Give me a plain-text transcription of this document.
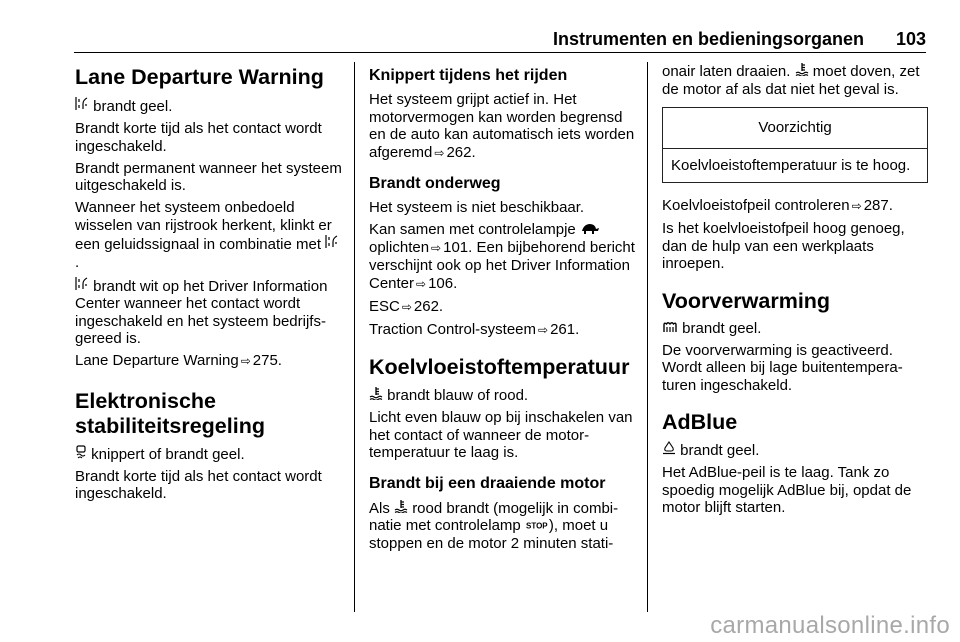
Instrumenten en bedieningsorganen 103
Lane Departure Warning

brandt geel.

Brandt korte tijd als het contact wordt ingeschakeld.

Brandt permanent wanneer het systeem uitgeschakeld is.

Wanneer het systeem onbedoeld wisselen van rijstrook herkent, klinkt er een geluidssignaal in combinatie met .

brandt wit op het Driver Information Center wanneer het contact wordt ingeschakeld en het systeem bedrijfsgereed is.

Lane Departure Warning ⇨ 275.

Elektronische stabiliteitsregeling

knippert of brandt geel.

Brandt korte tijd als het contact wordt ingeschakeld.

Knippert tijdens het rijden

Het systeem grijpt actief in. Het motorvermogen kan worden begrensd en de auto kan automatisch iets worden afgeremd ⇨ 262.

Brandt onderweg

Het systeem is niet beschikbaar.

Kan samen met controlelampje
oplichten ⇨ 101. Een bijbehorend bericht verschijnt ook op het Driver Information Center ⇨ 106.

ESC ⇨ 262.

Traction Control-systeem ⇨ 261.

Koelvloeistoftemperatuur

brandt blauw of rood.

Licht even blauw op bij inschakelen van het contact of wanneer de motortemperatuur te laag is.

Brandt bij een draaiende motor

Als rood brandt (mogelijk in combinatie met controlelamp STOP ), moet u stoppen en de motor 2 minuten stati-

onair laten draaien. moet doven, zet de motor af als dat niet het geval is.

Voorzichtig
Koelvloeistoftemperatuur is te hoog.

Koelvloeistofpeil controleren ⇨ 287.

Is het koelvloeistofpeil hoog genoeg, dan de hulp van een werkplaats inroepen.

Voorverwarming

brandt geel.

De voorverwarming is geactiveerd. Wordt alleen bij lage buitentemperaturen ingeschakeld.

AdBlue

brandt geel.

Het AdBlue-peil is te laag. Tank zo spoedig mogelijk AdBlue bij, opdat de motor blijft starten.

carmanualsonline.info
